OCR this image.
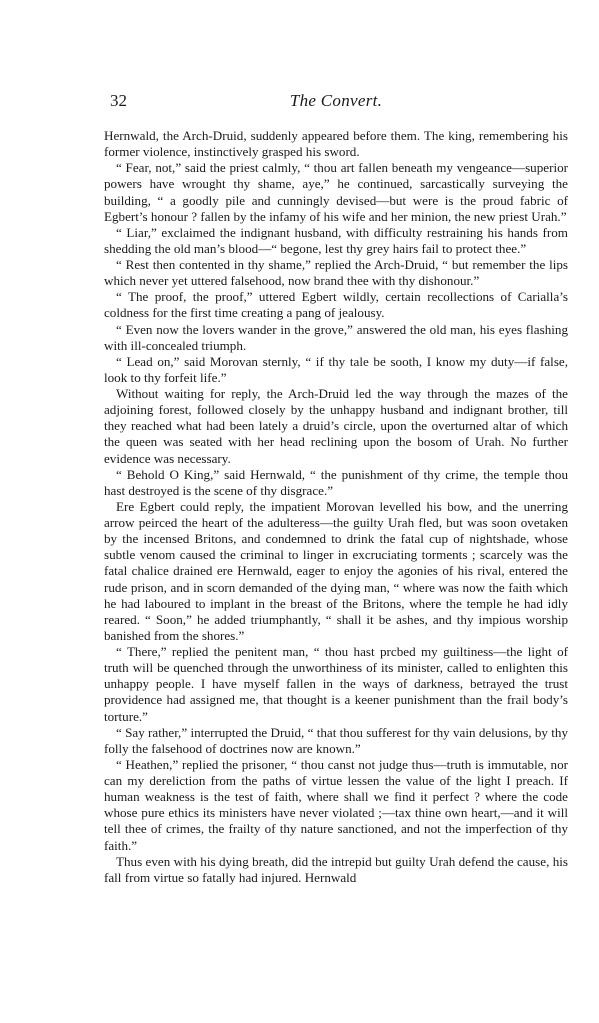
32	The Convert.

Hernwald, the Arch-Druid, suddenly appeared before them. The king, remembering his former violence, instinctively grasped his sword.

“ Fear, not,” said the priest calmly, “ thou art fallen beneath my vengeance—superior powers have wrought thy shame, aye,” he continued, sarcastically surveying the building, “ a goodly pile and cunningly devised—but were is the proud fabric of Egbert’s honour ? fallen by the infamy of his wife and her minion, the new priest Urah.”

“ Liar,” exclaimed the indignant husband, with difficulty restraining his hands from shedding the old man’s blood—“ begone, lest thy grey hairs fail to protect thee.”

“ Rest then contented in thy shame,” replied the Arch-Druid, “ but remember the lips which never yet uttered falsehood, now brand thee with thy dishonour.”

“ The proof, the proof,” uttered Egbert wildly, certain recollections of Carialla’s coldness for the first time creating a pang of jealousy.

“ Even now the lovers wander in the grove,” answered the old man, his eyes flashing with ill-concealed triumph.

“ Lead on,” said Morovan sternly, “ if thy tale be sooth, I know my duty—if false, look to thy forfeit life.”

Without waiting for reply, the Arch-Druid led the way through the mazes of the adjoining forest, followed closely by the unhappy husband and indignant brother, till they reached what had been lately a druid’s circle, upon the overturned altar of which the queen was seated with her head reclining upon the bosom of Urah. No further evidence was necessary.

“ Behold O King,” said Hernwald, “ the punishment of thy crime, the temple thou hast destroyed is the scene of thy disgrace.”

Ere Egbert could reply, the impatient Morovan levelled his bow, and the unerring arrow peirced the heart of the adulteress—the guilty Urah fled, but was soon ovetaken by the incensed Britons, and condemned to drink the fatal cup of nightshade, whose subtle venom caused the criminal to linger in excruciating torments ; scarcely was the fatal chalice drained ere Hernwald, eager to enjoy the agonies of his rival, entered the rude prison, and in scorn demanded of the dying man, “ where was now the faith which he had laboured to implant in the breast of the Britons, where the temple he had idly reared. “ Soon,” he added triumphantly, “ shall it be ashes, and thy impious worship banished from the shores.”

“ There,” replied the penitent man, “ thou hast prcbed my guiltiness—the light of truth will be quenched through the unworthiness of its minister, called to enlighten this unhappy people. I have myself fallen in the ways of darkness, betrayed the trust providence had assigned me, that thought is a keener punishment than the frail body’s torture.”

“ Say rather,” interrupted the Druid, “ that thou sufferest for thy vain delusions, by thy folly the falsehood of doctrines now are known.”

“ Heathen,” replied the prisoner, “ thou canst not judge thus—truth is immutable, nor can my dereliction from the paths of virtue lessen the value of the light I preach. If human weakness is the test of faith, where shall we find it perfect ? where the code whose pure ethics its ministers have never violated ;—tax thine own heart,—and it will tell thee of crimes, the frailty of thy nature sanctioned, and not the imperfection of thy faith.”

Thus even with his dying breath, did the intrepid but guilty Urah defend the cause, his fall from virtue so fatally had injured. Hernwald
